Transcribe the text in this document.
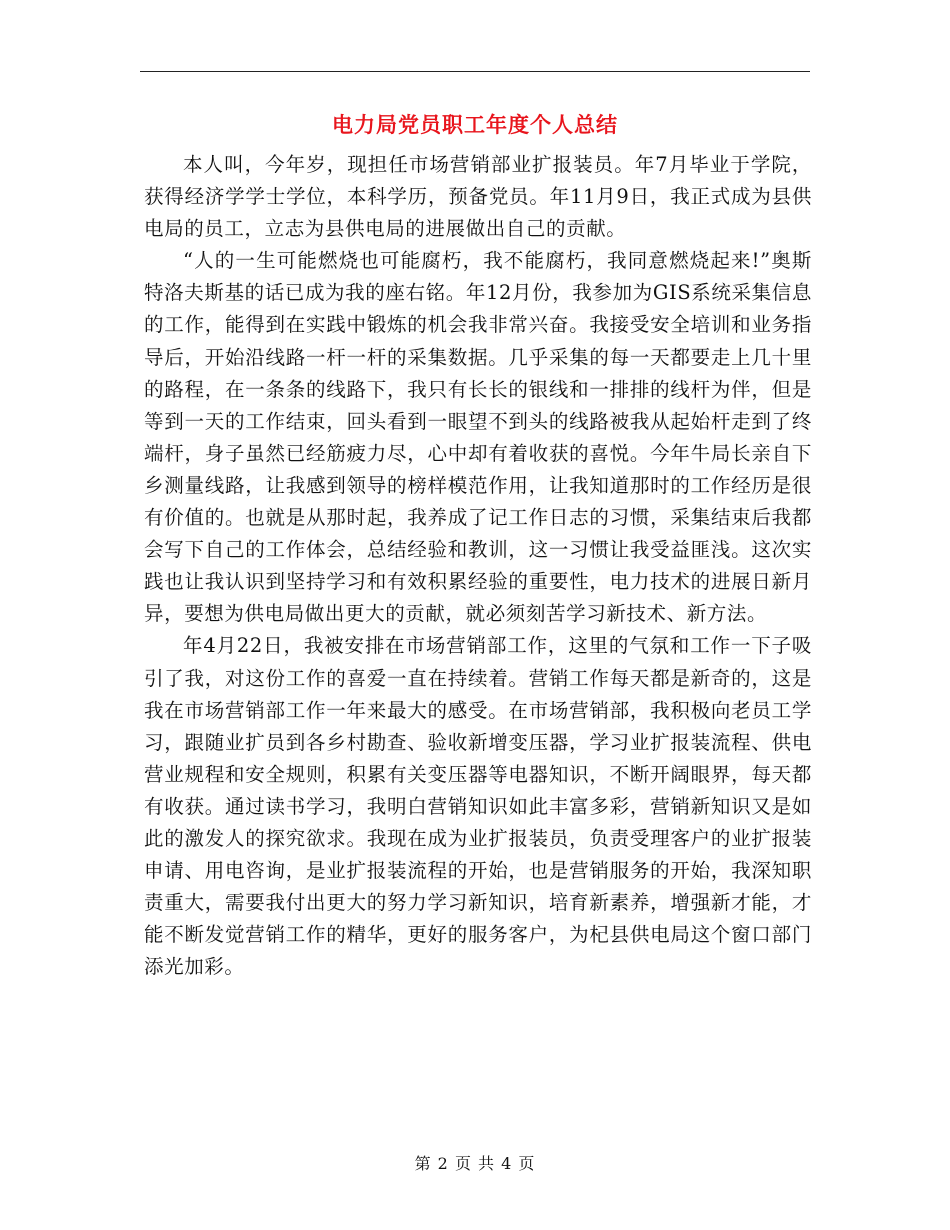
电力局党员职工年度个人总结

本人叫，今年岁，现担任市场营销部业扩报装员。年7月毕业于学院，获得经济学学士学位，本科学历，预备党员。年11月9日，我正式成为县供电局的员工，立志为县供电局的进展做出自己的贡献。

“人的一生可能燃烧也可能腐朽，我不能腐朽，我同意燃烧起来!”奥斯特洛夫斯基的话已成为我的座右铭。年12月份，我参加为GIS系统采集信息的工作，能得到在实践中锻炼的机会我非常兴奋。我接受安全培训和业务指导后，开始沿线路一杆一杆的采集数据。几乎采集的每一天都要走上几十里的路程，在一条条的线路下，我只有长长的银线和一排排的线杆为伴，但是等到一天的工作结束，回头看到一眼望不到头的线路被我从起始杆走到了终端杆，身子虽然已经筋疲力尽，心中却有着收获的喜悦。今年牛局长亲自下乡测量线路，让我感到领导的榜样模范作用，让我知道那时的工作经历是很有价值的。也就是从那时起，我养成了记工作日志的习惯，采集结束后我都会写下自己的工作体会，总结经验和教训，这一习惯让我受益匪浅。这次实践也让我认识到坚持学习和有效积累经验的重要性，电力技术的进展日新月异，要想为供电局做出更大的贡献，就必须刻苦学习新技术、新方法。

年4月22日，我被安排在市场营销部工作，这里的气氛和工作一下子吸引了我，对这份工作的喜爱一直在持续着。营销工作每天都是新奇的，这是我在市场营销部工作一年来最大的感受。在市场营销部，我积极向老员工学习，跟随业扩员到各乡村勘查、验收新增变压器，学习业扩报装流程、供电营业规程和安全规则，积累有关变压器等电器知识，不断开阔眼界，每天都有收获。通过读书学习，我明白营销知识如此丰富多彩，营销新知识又是如此的激发人的探究欲求。我现在成为业扩报装员，负责受理客户的业扩报装申请、用电咨询，是业扩报装流程的开始，也是营销服务的开始，我深知职责重大，需要我付出更大的努力学习新知识，培育新素养，增强新才能，才能不断发觉营销工作的精华，更好的服务客户，为杞县供电局这个窗口部门添光加彩。

第 2 页 共 4 页
